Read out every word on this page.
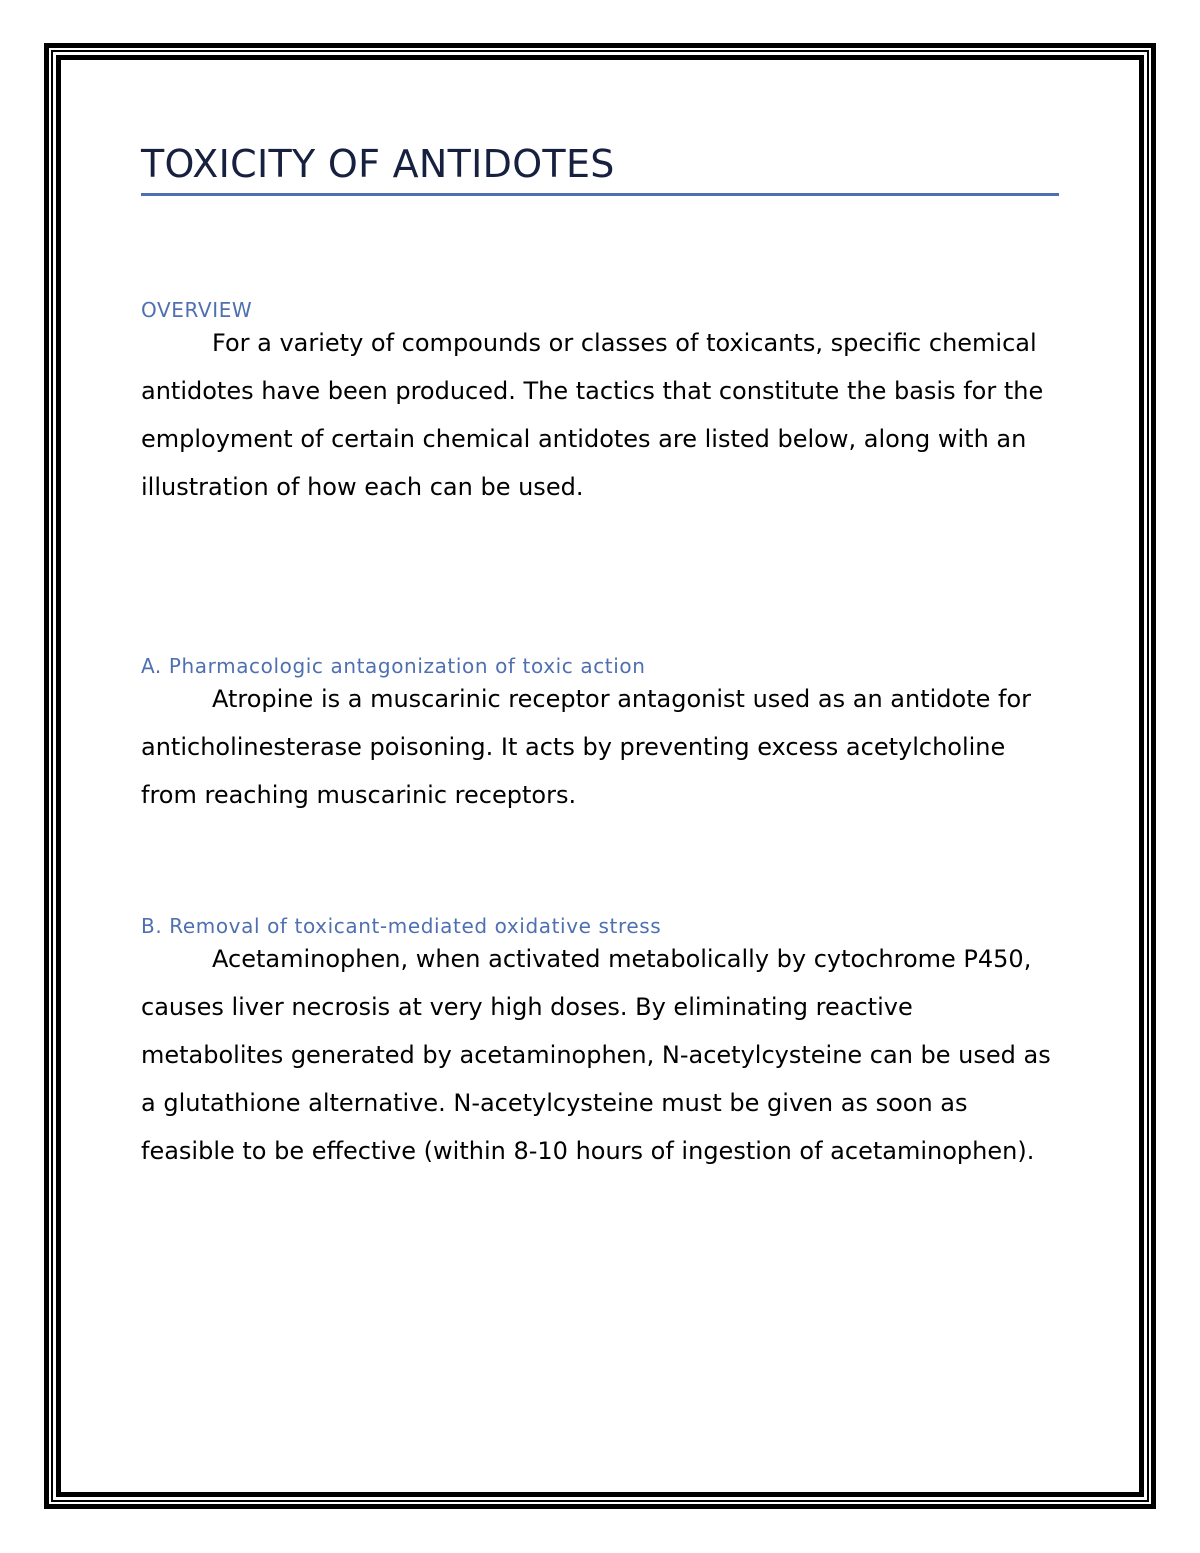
TOXICITY OF ANTIDOTES
OVERVIEW

For a variety of compounds or classes of toxicants, specific chemical antidotes have been produced. The tactics that constitute the basis for the employment of certain chemical antidotes are listed below, along with an illustration of how each can be used.

A. Pharmacologic antagonization of toxic action

Atropine is a muscarinic receptor antagonist used as an antidote for anticholinesterase poisoning. It acts by preventing excess acetylcholine from reaching muscarinic receptors.

B. Removal of toxicant-mediated oxidative stress

Acetaminophen, when activated metabolically by cytochrome P450, causes liver necrosis at very high doses. By eliminating reactive metabolites generated by acetaminophen, N-acetylcysteine can be used as a glutathione alternative. N-acetylcysteine must be given as soon as feasible to be effective (within 8-10 hours of ingestion of acetaminophen).
